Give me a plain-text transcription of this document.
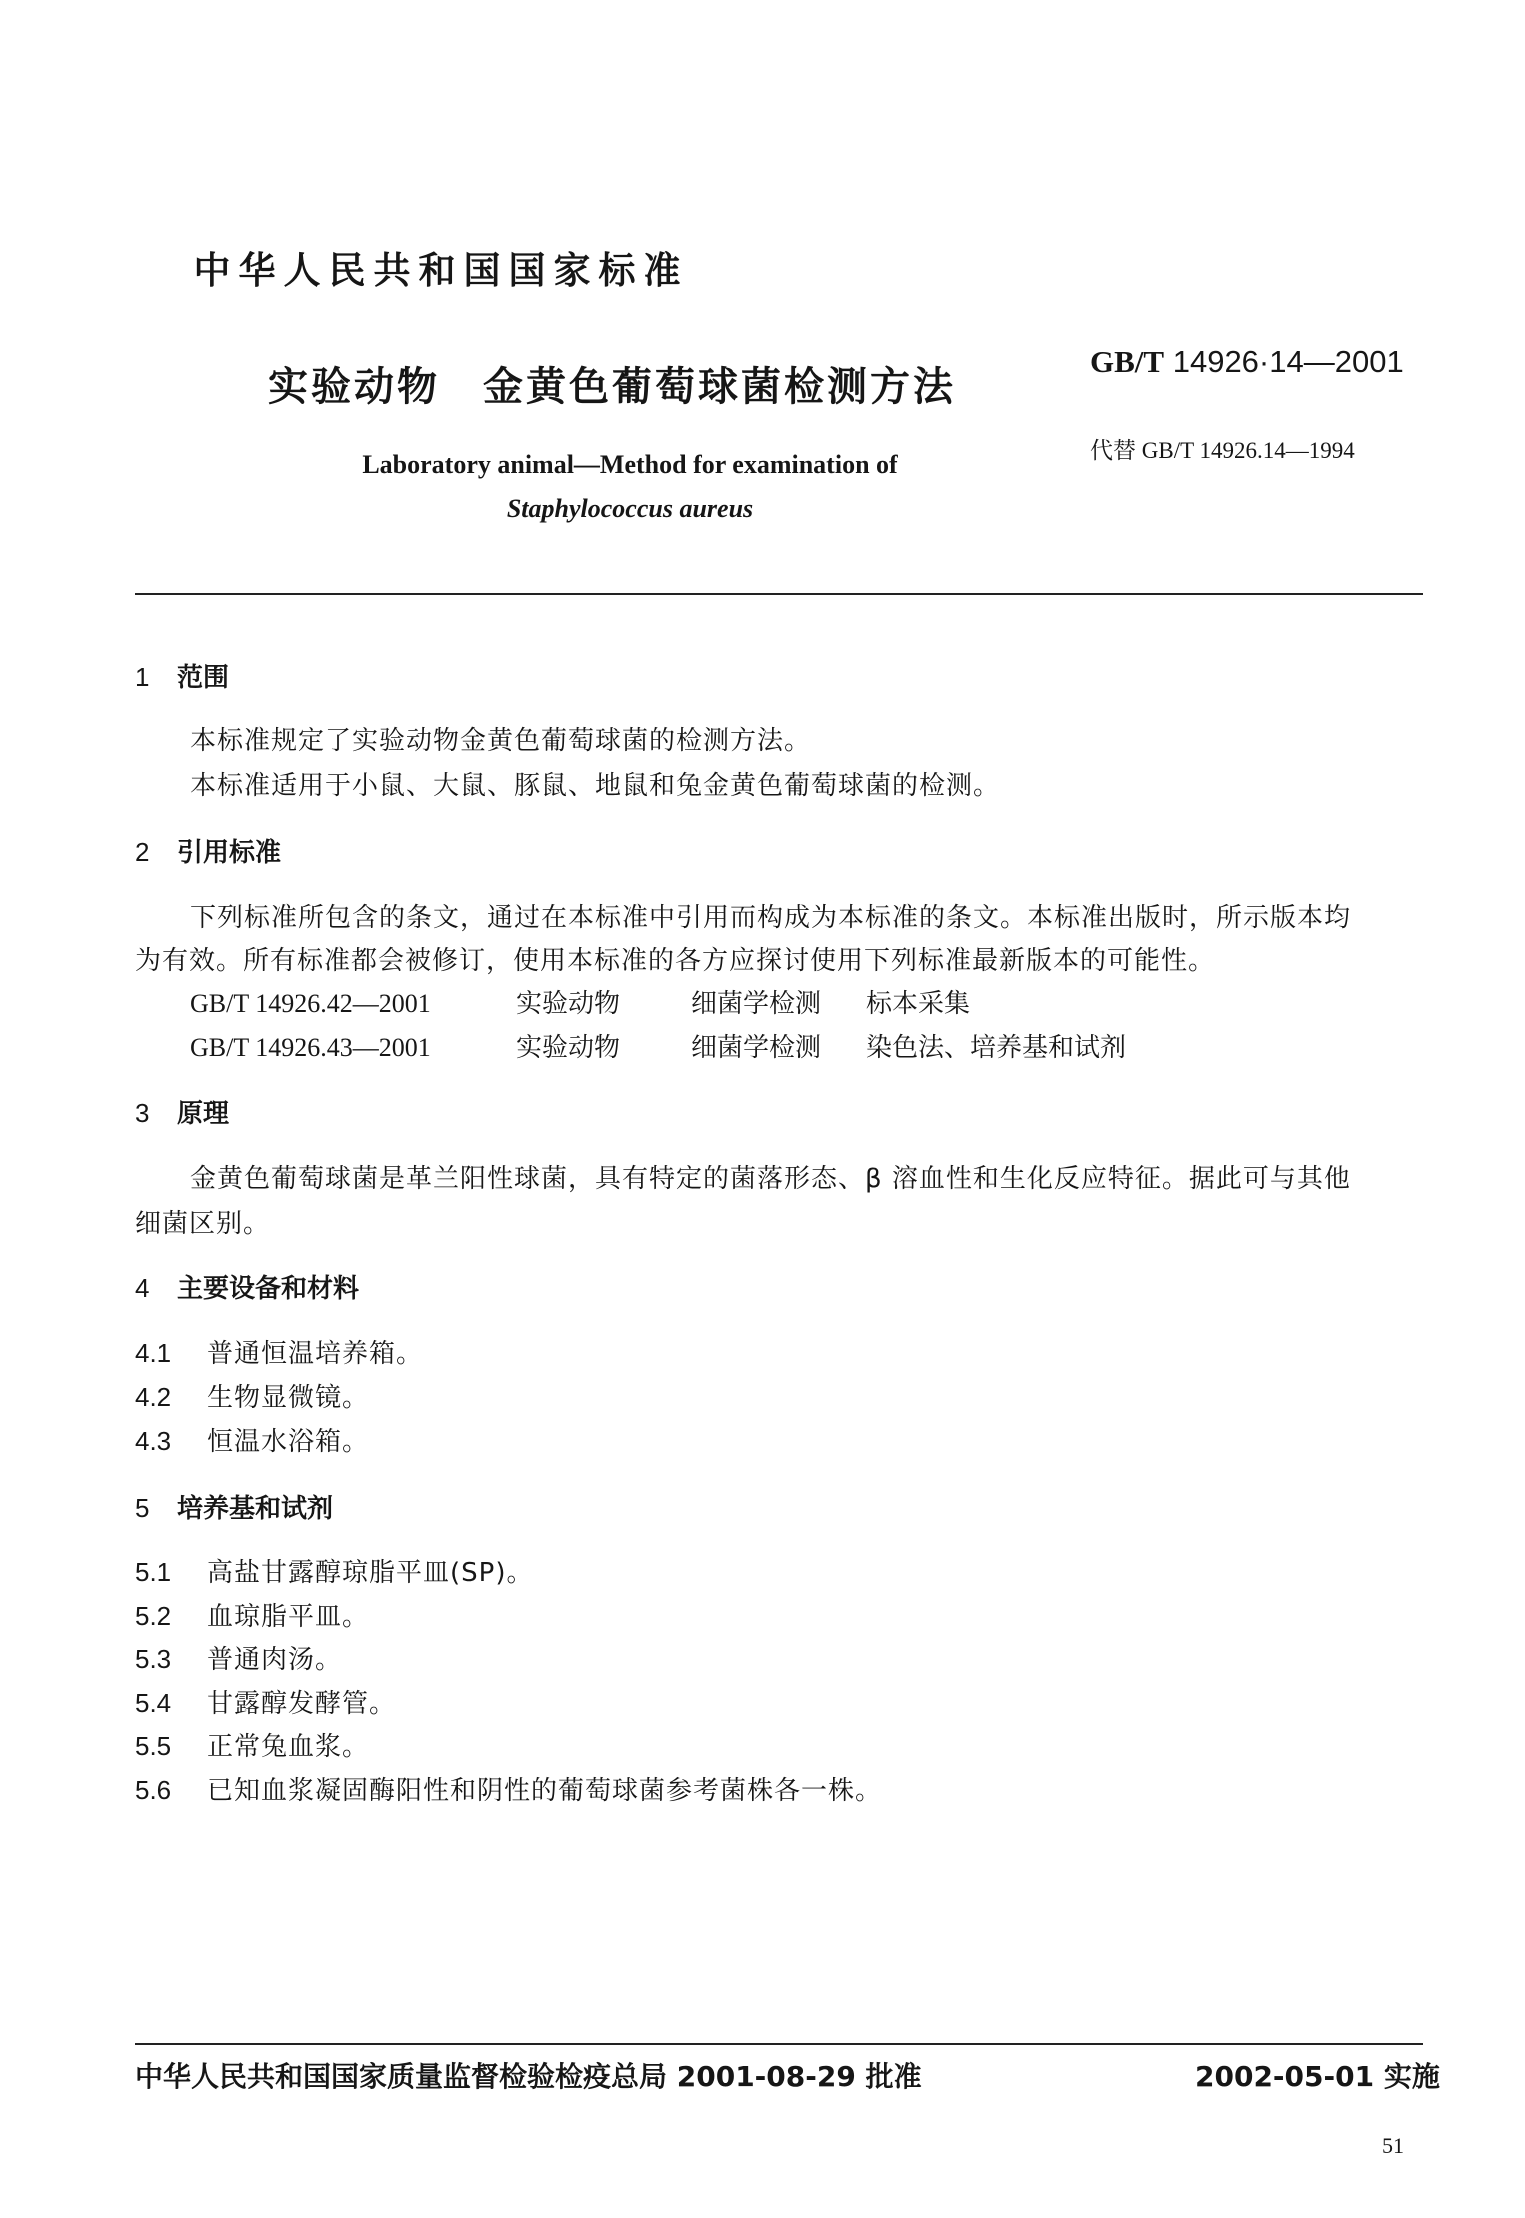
中华人民共和国国家标准
实验动物　金黄色葡萄球菌检测方法
GB/T 14926·14—2001
代替 GB/T 14926.14—1994
Laboratory animal—Method for examination of
Staphylococcus aureus
1 范围
本标准规定了实验动物金黄色葡萄球菌的检测方法。
本标准适用于小鼠、大鼠、豚鼠、地鼠和兔金黄色葡萄球菌的检测。
2 引用标准
下列标准所包含的条文，通过在本标准中引用而构成为本标准的条文。本标准出版时，所示版本均
为有效。所有标准都会被修订，使用本标准的各方应探讨使用下列标准最新版本的可能性。
GB/T 14926.42—2001	实验动物	细菌学检测 标本采集
GB/T 14926.43—2001	实验动物	细菌学检测 染色法、培养基和试剂
3 原理
金黄色葡萄球菌是革兰阳性球菌，具有特定的菌落形态、β 溶血性和生化反应特征。据此可与其他
细菌区别。
4 主要设备和材料
4.1 普通恒温培养箱。
4.2 生物显微镜。
4.3 恒温水浴箱。
5 培养基和试剂
5.1 高盐甘露醇琼脂平皿(SP)。
5.2 血琼脂平皿。
5.3 普通肉汤。
5.4 甘露醇发酵管。
5.5 正常兔血浆。
5.6 已知血浆凝固酶阳性和阴性的葡萄球菌参考菌株各一株。
中华人民共和国国家质量监督检验检疫总局 2001-08-29 批准	2002-05-01 实施
51
